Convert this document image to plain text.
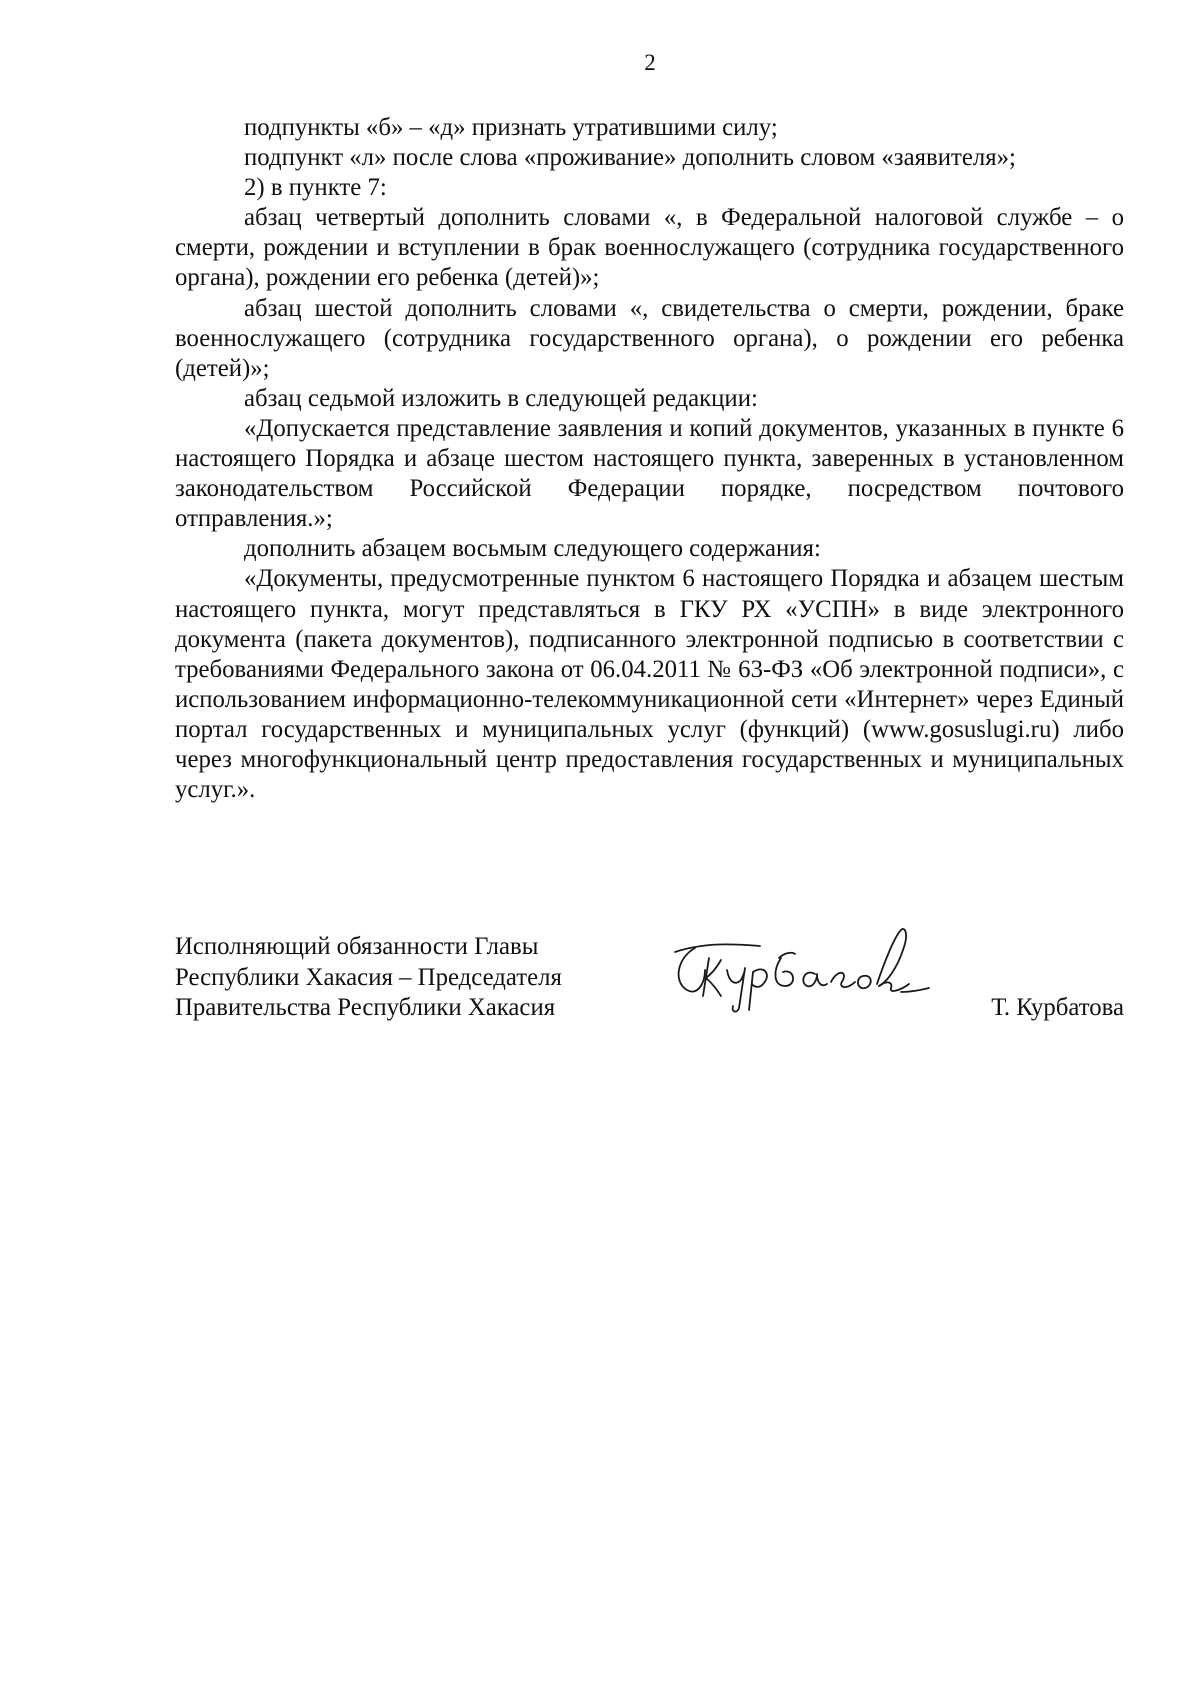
2

подпункты «б» – «д» признать утратившими силу;

подпункт «л» после слова «проживание» дополнить словом «заявителя»;

2) в пункте 7:

абзац четвертый дополнить словами «, в Федеральной налоговой службе – о смерти, рождении и вступлении в брак военнослужащего (сотрудника государственного органа), рождении его ребенка (детей)»;

абзац шестой дополнить словами «, свидетельства о смерти, рождении, браке военнослужащего (сотрудника государственного органа), о рождении его ребенка (детей)»;

абзац седьмой изложить в следующей редакции:

«Допускается представление заявления и копий документов, указанных в пункте 6 настоящего Порядка и абзаце шестом настоящего пункта, заверенных в установленном законодательством Российской Федерации порядке, посредством почтового отправления.»;

дополнить абзацем восьмым следующего содержания:

«Документы, предусмотренные пунктом 6 настоящего Порядка и абзацем шестым настоящего пункта, могут представляться в ГКУ РХ «УСПН» в виде электронного документа (пакета документов), подписанного электронной подписью в соответствии с требованиями Федерального закона от 06.04.2011 № 63-ФЗ «Об электронной подписи», с использованием информационно-телекоммуникационной сети «Интернет» через Единый портал государственных и муниципальных услуг (функций) (www.gosuslugi.ru) либо через многофункциональный центр предоставления государственных и муниципальных услуг.».

Исполняющий обязанности Главы
Республики Хакасия – Председателя
Правительства Республики Хакасия	Т. Курбатова
